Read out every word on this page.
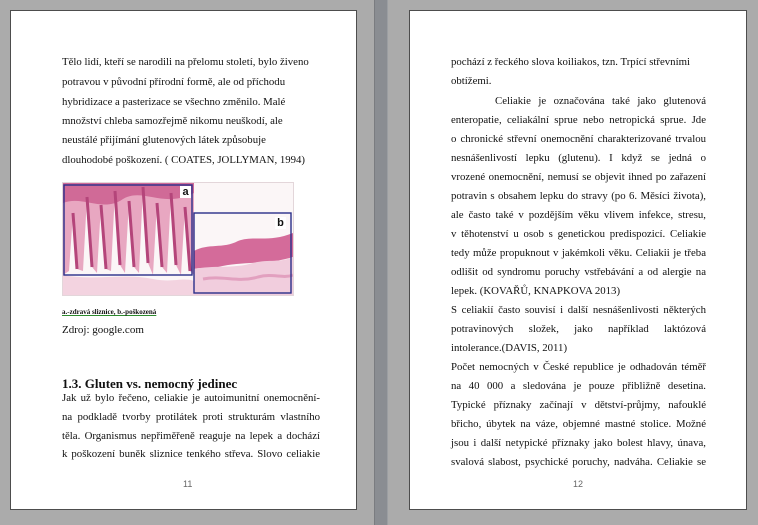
Tělo lidí, kteří se narodili na přelomu století, bylo živeno
potravou v původní přírodní formě, ale od příchodu
hybridizace a pasterizace se všechno změnilo. Malé
množství chleba samozřejmě nikomu neuškodí, ale
neustálé přijímání glutenových látek způsobuje
dlouhodobé poškození. ( COATES, JOLLYMAN, 1994)
a
b
a.-zdravá sliznice, b.-poškozená
Zdroj: google.com
1.3. Gluten vs. nemocný jedinec
Jak už bylo řečeno, celiakie je autoimunitní onemocnění-
na podkladě tvorby protilátek proti strukturám vlastního
těla. Organismus nepřiměřeně reaguje na lepek a dochází
k poškození buněk sliznice tenkého střeva. Slovo celiakie
11
pochází z řeckého slova koiliakos, tzn. Trpící střevními
obtížemi.
Celiakie je označována také jako glutenová
enteropatie, celiakální sprue nebo netropická sprue. Jde
o chronické střevní onemocnění charakterizované trvalou
nesnášenlivostí lepku (glutenu). I když se jedná o
vrozené onemocnění, nemusí se objevit ihned po zařazení
potravin s obsahem lepku do stravy (po 6. Měsíci života),
ale často také v pozdějším věku vlivem infekce, stresu,
v těhotenství u osob s genetickou predispozicí. Celiakie
tedy může propuknout v jakémkoli věku. Celiakii je třeba
odlišit od syndromu poruchy vstřebávání a od alergie na
lepek. (KOVAŘŮ, KNAPKOVA 2013)
S celiakií často souvisí i další nesnášenlivosti některých
potravinových složek, jako například laktózová
intolerance.(DAVIS, 2011)
Počet nemocných v České republice je odhadován téměř
na 40 000 a sledována je pouze přibližně desetina.
Typické příznaky začínají v dětství-průjmy, nafouklé
břicho, úbytek na váze, objemné mastné stolice. Možné
jsou i další netypické příznaky jako bolest hlavy, únava,
svalová slabost, psychické poruchy, nadváha. Celiakie se
12
